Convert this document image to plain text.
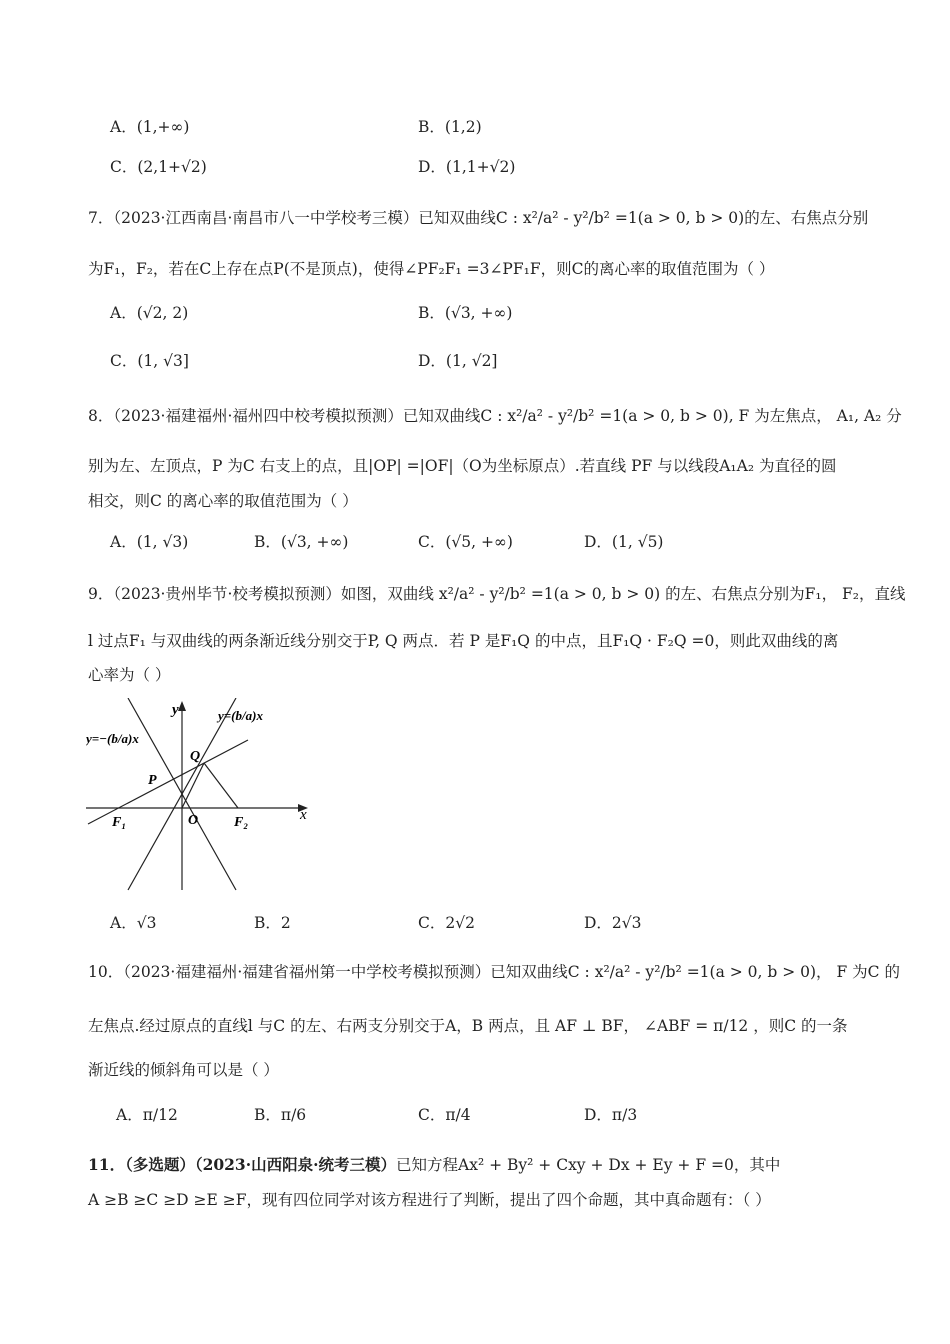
A．(1,+∞)	B．(1,2)
C．(2,1+√2)	D．(1,1+√2)
7．（2023·江西南昌·南昌市八一中学校考三模）已知双曲线C : x²/a² - y²/b² =1(a > 0, b > 0)的左、右焦点分别
为F₁，F₂，若在C上存在点P(不是顶点)，使得∠PF₂F₁ =3∠PF₁F，则C的离心率的取值范围为（ ）
A．(√2, 2)	B．(√3, +∞)
C．(1, √3]	D．(1, √2]
8．（2023·福建福州·福州四中校考模拟预测）已知双曲线C : x²/a² - y²/b² =1(a > 0, b > 0), F 为左焦点， A₁, A₂ 分
别为左、左顶点，P 为C 右支上的点，且|OP| =|OF|（O为坐标原点）.若直线 PF 与以线段A₁A₂ 为直径的圆
相交，则C 的离心率的取值范围为（ ）
A．(1, √3)	B．(√3, +∞)	C．(√5, +∞)	D．(1, √5)
9．（2023·贵州毕节·校考模拟预测）如图，双曲线 x²/a² - y²/b² =1(a > 0, b > 0) 的左、右焦点分别为F₁， F₂，直线
l 过点F₁ 与双曲线的两条渐近线分别交于P, Q 两点．若 P 是F₁Q 的中点，且F₁Q · F₂Q =0，则此双曲线的离
心率为（ ）
y
x
y=−(b/a)x
y=(b/a)x
P
Q
O
F₁	F₂
A．√3	B．2	C．2√2	D．2√3
10．（2023·福建福州·福建省福州第一中学校考模拟预测）已知双曲线C : x²/a² - y²/b² =1(a > 0, b > 0)， F 为C 的
左焦点.经过原点的直线l 与C 的左、右两支分别交于A，B 两点，且 AF ⊥ BF， ∠ABF = π/12 ，则C 的一条
渐近线的倾斜角可以是（ ）
A．π/12	B．π/6	C．π/4	D．π/3
11．（多选题）（2023·山西阳泉·统考三模）已知方程Ax² + By² + Cxy + Dx + Ey + F =0，其中
A ≥B ≥C ≥D ≥E ≥F，现有四位同学对该方程进行了判断，提出了四个命题，其中真命题有：（ ）
